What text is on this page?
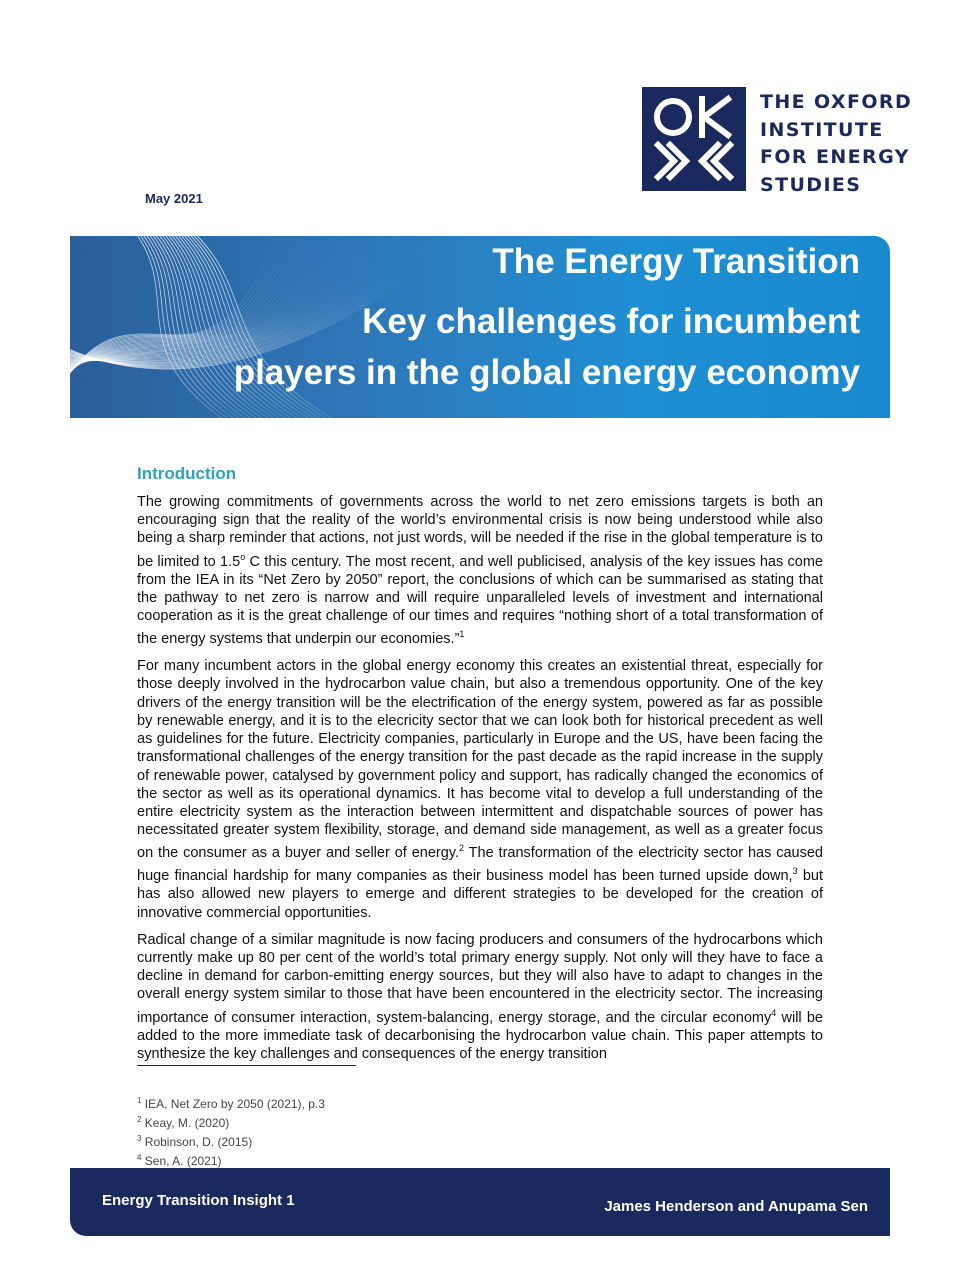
THE OXFORD
INSTITUTE
FOR ENERGY
STUDIES
May 2021
The Energy Transition
Key challenges for incumbent
players in the global energy economy
Introduction

The growing commitments of governments across the world to net zero emissions targets is both an encouraging sign that the reality of the world’s environmental crisis is now being understood while also being a sharp reminder that actions, not just words, will be needed if the rise in the global temperature is to be limited to 1.5$^o$ C this century. The most recent, and well publicised, analysis of the key issues has come from the IEA in its “Net Zero by 2050” report, the conclusions of which can be summarised as stating that the pathway to net zero is narrow and will require unparalleled levels of investment and international cooperation as it is the great challenge of our times and requires “nothing short of a total transformation of the energy systems that underpin our economies.”$^1$

For many incumbent actors in the global energy economy this creates an existential threat, especially for those deeply involved in the hydrocarbon value chain, but also a tremendous opportunity. One of the key drivers of the energy transition will be the electrification of the energy system, powered as far as possible by renewable energy, and it is to the elecricity sector that we can look both for historical precedent as well as guidelines for the future. Electricity companies, particularly in Europe and the US, have been facing the transformational challenges of the energy transition for the past decade as the rapid increase in the supply of renewable power, catalysed by government policy and support, has radically changed the economics of the sector as well as its operational dynamics. It has become vital to develop a full understanding of the entire electricity system as the interaction between intermittent and dispatchable sources of power has necessitated greater system flexibility, storage, and demand side management, as well as a greater focus on the consumer as a buyer and seller of energy.$^2$ The transformation of the electricity sector has caused huge financial hardship for many companies as their business model has been turned upside down,$^3$ but has also allowed new players to emerge and different strategies to be developed for the creation of innovative commercial opportunities.

Radical change of a similar magnitude is now facing producers and consumers of the hydrocarbons which currently make up 80 per cent of the world’s total primary energy supply. Not only will they have to face a decline in demand for carbon-emitting energy sources, but they will also have to adapt to changes in the overall energy system similar to those that have been encountered in the electricity sector. The increasing importance of consumer interaction, system-balancing, energy storage, and the circular economy$^4$ will be added to the more immediate task of decarbonising the hydrocarbon value chain. This paper attempts to synthesize the key challenges and consequences of the energy transition

$^1$ IEA, Net Zero by 2050 (2021), p.3
$^2$ Keay, M. (2020)
$^3$ Robinson, D. (2015)
$^4$ Sen, A. (2021)
Energy Transition Insight 1	James Henderson and Anupama Sen
